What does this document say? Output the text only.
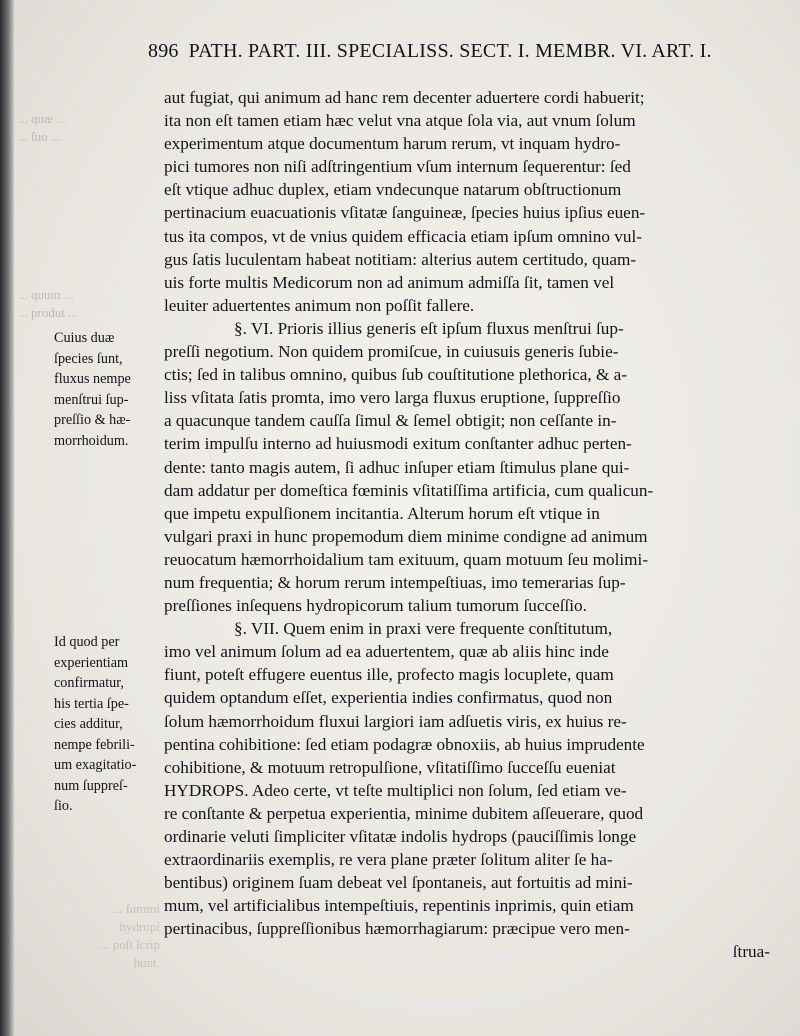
... quæ ...
... ſuo ...
... quum ...
... produt ...
... ſummi
hydropi
... poſt ſcrip
hunt.
896 PATH. PART. III. SPECIALISS. SECT. I. MEMBR. VI. ART. I.

Cuius duæ

ſpecies ſunt,

fluxus nempe

menſtrui ſup-

preſſio & hæ-

morrhoidum.

Id quod per

experientiam

confirmatur,

his tertia ſpe-

cies additur,

nempe febrili-

um exagitatio-

num ſuppreſ-

ſio.

aut fugiat, qui animum ad hanc rem decenter aduertere cordi habuerit;

ita non eſt tamen etiam hæc velut vna atque ſola via, aut vnum ſolum

experimentum atque documentum harum rerum, vt inquam hydro-

pici tumores non niſi adſtringentium vſum internum ſequerentur: ſed

eſt vtique adhuc duplex, etiam vndecunque natarum obſtructionum

pertinacium euacuationis vſitatæ ſanguineæ, ſpecies huius ipſius euen-

tus ita compos, vt de vnius quidem efficacia etiam ipſum omnino vul-

gus ſatis luculentam habeat notitiam: alterius autem certitudo, quam-

uis forte multis Medicorum non ad animum admiſſa ſit, tamen vel

leuiter aduertentes animum non poſſit fallere.

§. VI. Prioris illius generis eſt ipſum fluxus menſtrui ſup-

preſſi negotium. Non quidem promiſcue, in cuiusuis generis ſubie-

ctis; ſed in talibus omnino, quibus ſub couſtitutione plethorica, & a-

liss vſitata ſatis promta, imo vero larga fluxus eruptione, ſuppreſſio

a quacunque tandem cauſſa ſimul & ſemel obtigit; non ceſſante in-

terim impulſu interno ad huiusmodi exitum conſtanter adhuc perten-

dente: tanto magis autem, ſi adhuc inſuper etiam ſtimulus plane qui-

dam addatur per domeſtica fœminis vſitatiſſima artificia, cum qualicun-

que impetu expulſionem incitantia. Alterum horum eſt vtique in

vulgari praxi in hunc propemodum diem minime condigne ad animum

reuocatum hæmorrhoidalium tam exituum, quam motuum ſeu molimi-

num frequentia; & horum rerum intempeſtiuas, imo temerarias ſup-

preſſiones inſequens hydropicorum talium tumorum ſucceſſio.

§. VII. Quem enim in praxi vere frequente conſtitutum,

imo vel animum ſolum ad ea aduertentem, quæ ab aliis hinc inde

fiunt, poteſt effugere euentus ille, profecto magis locuplete, quam

quidem optandum eſſet, experientia indies confirmatus, quod non

ſolum hæmorrhoidum fluxui largiori iam adſuetis viris, ex huius re-

pentina cohibitione: ſed etiam podagræ obnoxiis, ab huius imprudente

cohibitione, & motuum retropulſione, vſitatiſſimo ſucceſſu eueniat

HYDROPS. Adeo certe, vt teſte multiplici non ſolum, ſed etiam ve-

re conſtante & perpetua experientia, minime dubitem aſſeuerare, quod

ordinarie veluti ſimpliciter vſitatæ indolis hydrops (pauciſſimis longe

extraordinariis exemplis, re vera plane præter ſolitum aliter ſe ha-

bentibus) originem ſuam debeat vel ſpontaneis, aut fortuitis ad mini-

mum, vel artificialibus intempeſtiuis, repentinis inprimis, quin etiam

pertinacibus, ſuppreſſionibus hæmorrhagiarum: præcipue vero men-

ſtrua-
